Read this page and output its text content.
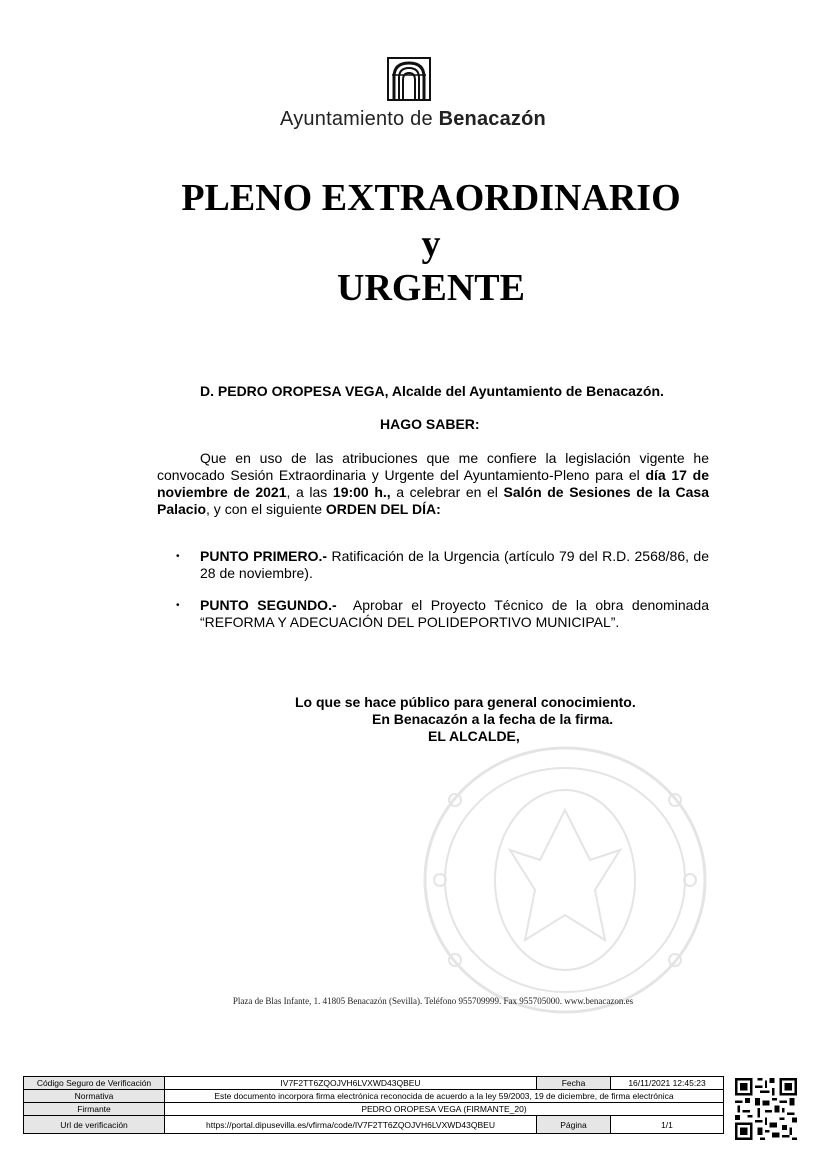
Ayuntamiento de Benacazón
PLENO EXTRAORDINARIO
y
URGENTE
D. PEDRO OROPESA VEGA, Alcalde del Ayuntamiento de Benacazón.
HAGO SABER:
Que en uso de las atribuciones que me confiere la legislación vigente he convocado Sesión Extraordinaria y Urgente del Ayuntamiento-Pleno para el día 17 de noviembre de 2021, a las 19:00 h., a celebrar en el Salón de Sesiones de la Casa Palacio, y con el siguiente ORDEN DEL DÍA:
• PUNTO PRIMERO.- Ratificación de la Urgencia (artículo 79 del R.D. 2568/86, de 28 de noviembre).
• PUNTO SEGUNDO.-  Aprobar el Proyecto Técnico de la obra denominada “REFORMA Y ADECUACIÓN DEL POLIDEPORTIVO MUNICIPAL”.
Lo que se hace público para general conocimiento.
En Benacazón a la fecha de la firma.
EL ALCALDE,
Plaza de Blas Infante, 1. 41805 Benacazón (Sevilla). Teléfono 955709999. Fax 955705000. www.benacazon.es
Código Seguro de Verificación	IV7F2TT6ZQOJVH6LVXWD43QBEU	Fecha	16/11/2021 12:45:23
Normativa	Este documento incorpora firma electrónica reconocida de acuerdo a la ley 59/2003, 19 de diciembre, de firma electrónica		
Firmante	PEDRO OROPESA VEGA (FIRMANTE_20)		
Url de verificación	https://portal.dipusevilla.es/vfirma/code/IV7F2TT6ZQOJVH6LVXWD43QBEU	Página	1/1
